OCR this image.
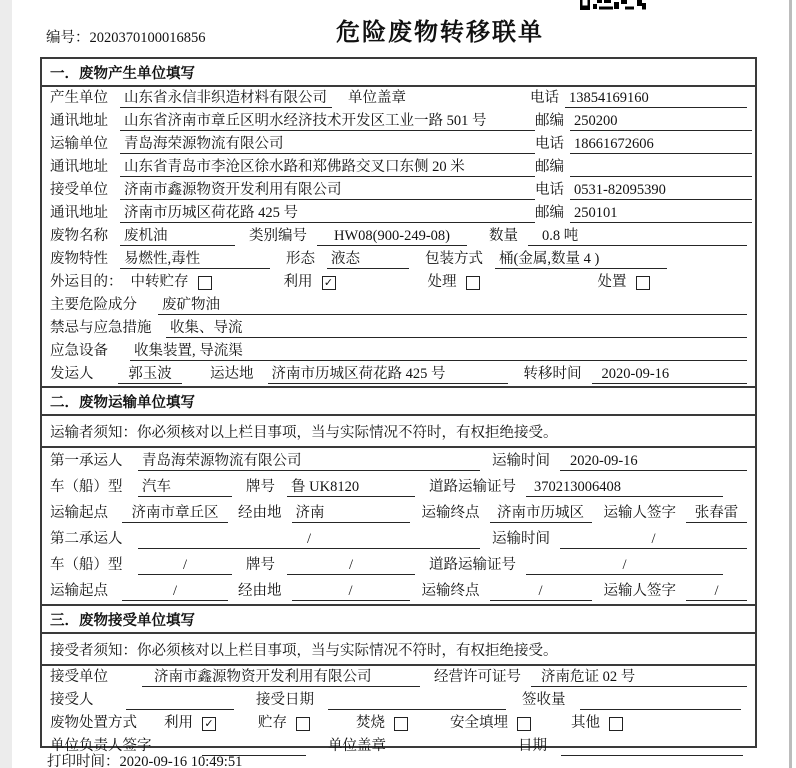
编号：2020370100016856	危险废物转移联单
一．废物产生单位填写
产生单位 山东省永信非织造材料有限公司	单位盖章	电话 13854169160
通讯地址 山东省济南市章丘区明水经济技术开发区工业一路 501 号	邮编 250200
运输单位 青岛海荣源物流有限公司	电话 18661672606
通讯地址 山东省青岛市李沧区徐水路和郑佛路交叉口东侧 20 米	邮编
接受单位 济南市鑫源物资开发利用有限公司	电话 0531-82095390
通讯地址 济南市历城区荷花路 425 号	邮编 250101
废物名称 废机油	类别编号	HW08(900-249-08)	数量	0.8 吨
废物特性 易燃性,毒性	形态 液态	包装方式 桶(金属,数量 4 )
外运目的： 中转贮存	利用 ✓	处理	处置
主要危险成分 废矿物油
禁忌与应急措施 收集、导流
应急设备 收集装置, 导流渠
发运人	郭玉波	运达地 济南市历城区荷花路 425 号	转移时间	2020-09-16
二．废物运输单位填写
运输者须知：你必须核对以上栏目事项，当与实际情况不符时，有权拒绝接受。
第一承运人 青岛海荣源物流有限公司	运输时间	2020-09-16
车（船）型 汽车	牌号 鲁 UK8120	道路运输证号	370213006408
运输起点	济南市章丘区	经由地 济南	运输终点	济南市历城区	运输人签字	张春雷
第二承运人	/	运输时间	/
车（船）型	/	牌号	/	道路运输证号	/
运输起点	/	经由地	/	运输终点	/	运输人签字	/
三．废物接受单位填写
接受者须知：你必须核对以上栏目事项，当与实际情况不符时，有权拒绝接受。
接受单位	济南市鑫源物资开发利用有限公司	经营许可证号	济南危证 02 号
接受人	接受日期	签收量
废物处置方式 利用 ✓	贮存	焚烧	安全填埋	其他
单位负责人签字	单位盖章	日期
打印时间：2020-09-16 10:49:51
